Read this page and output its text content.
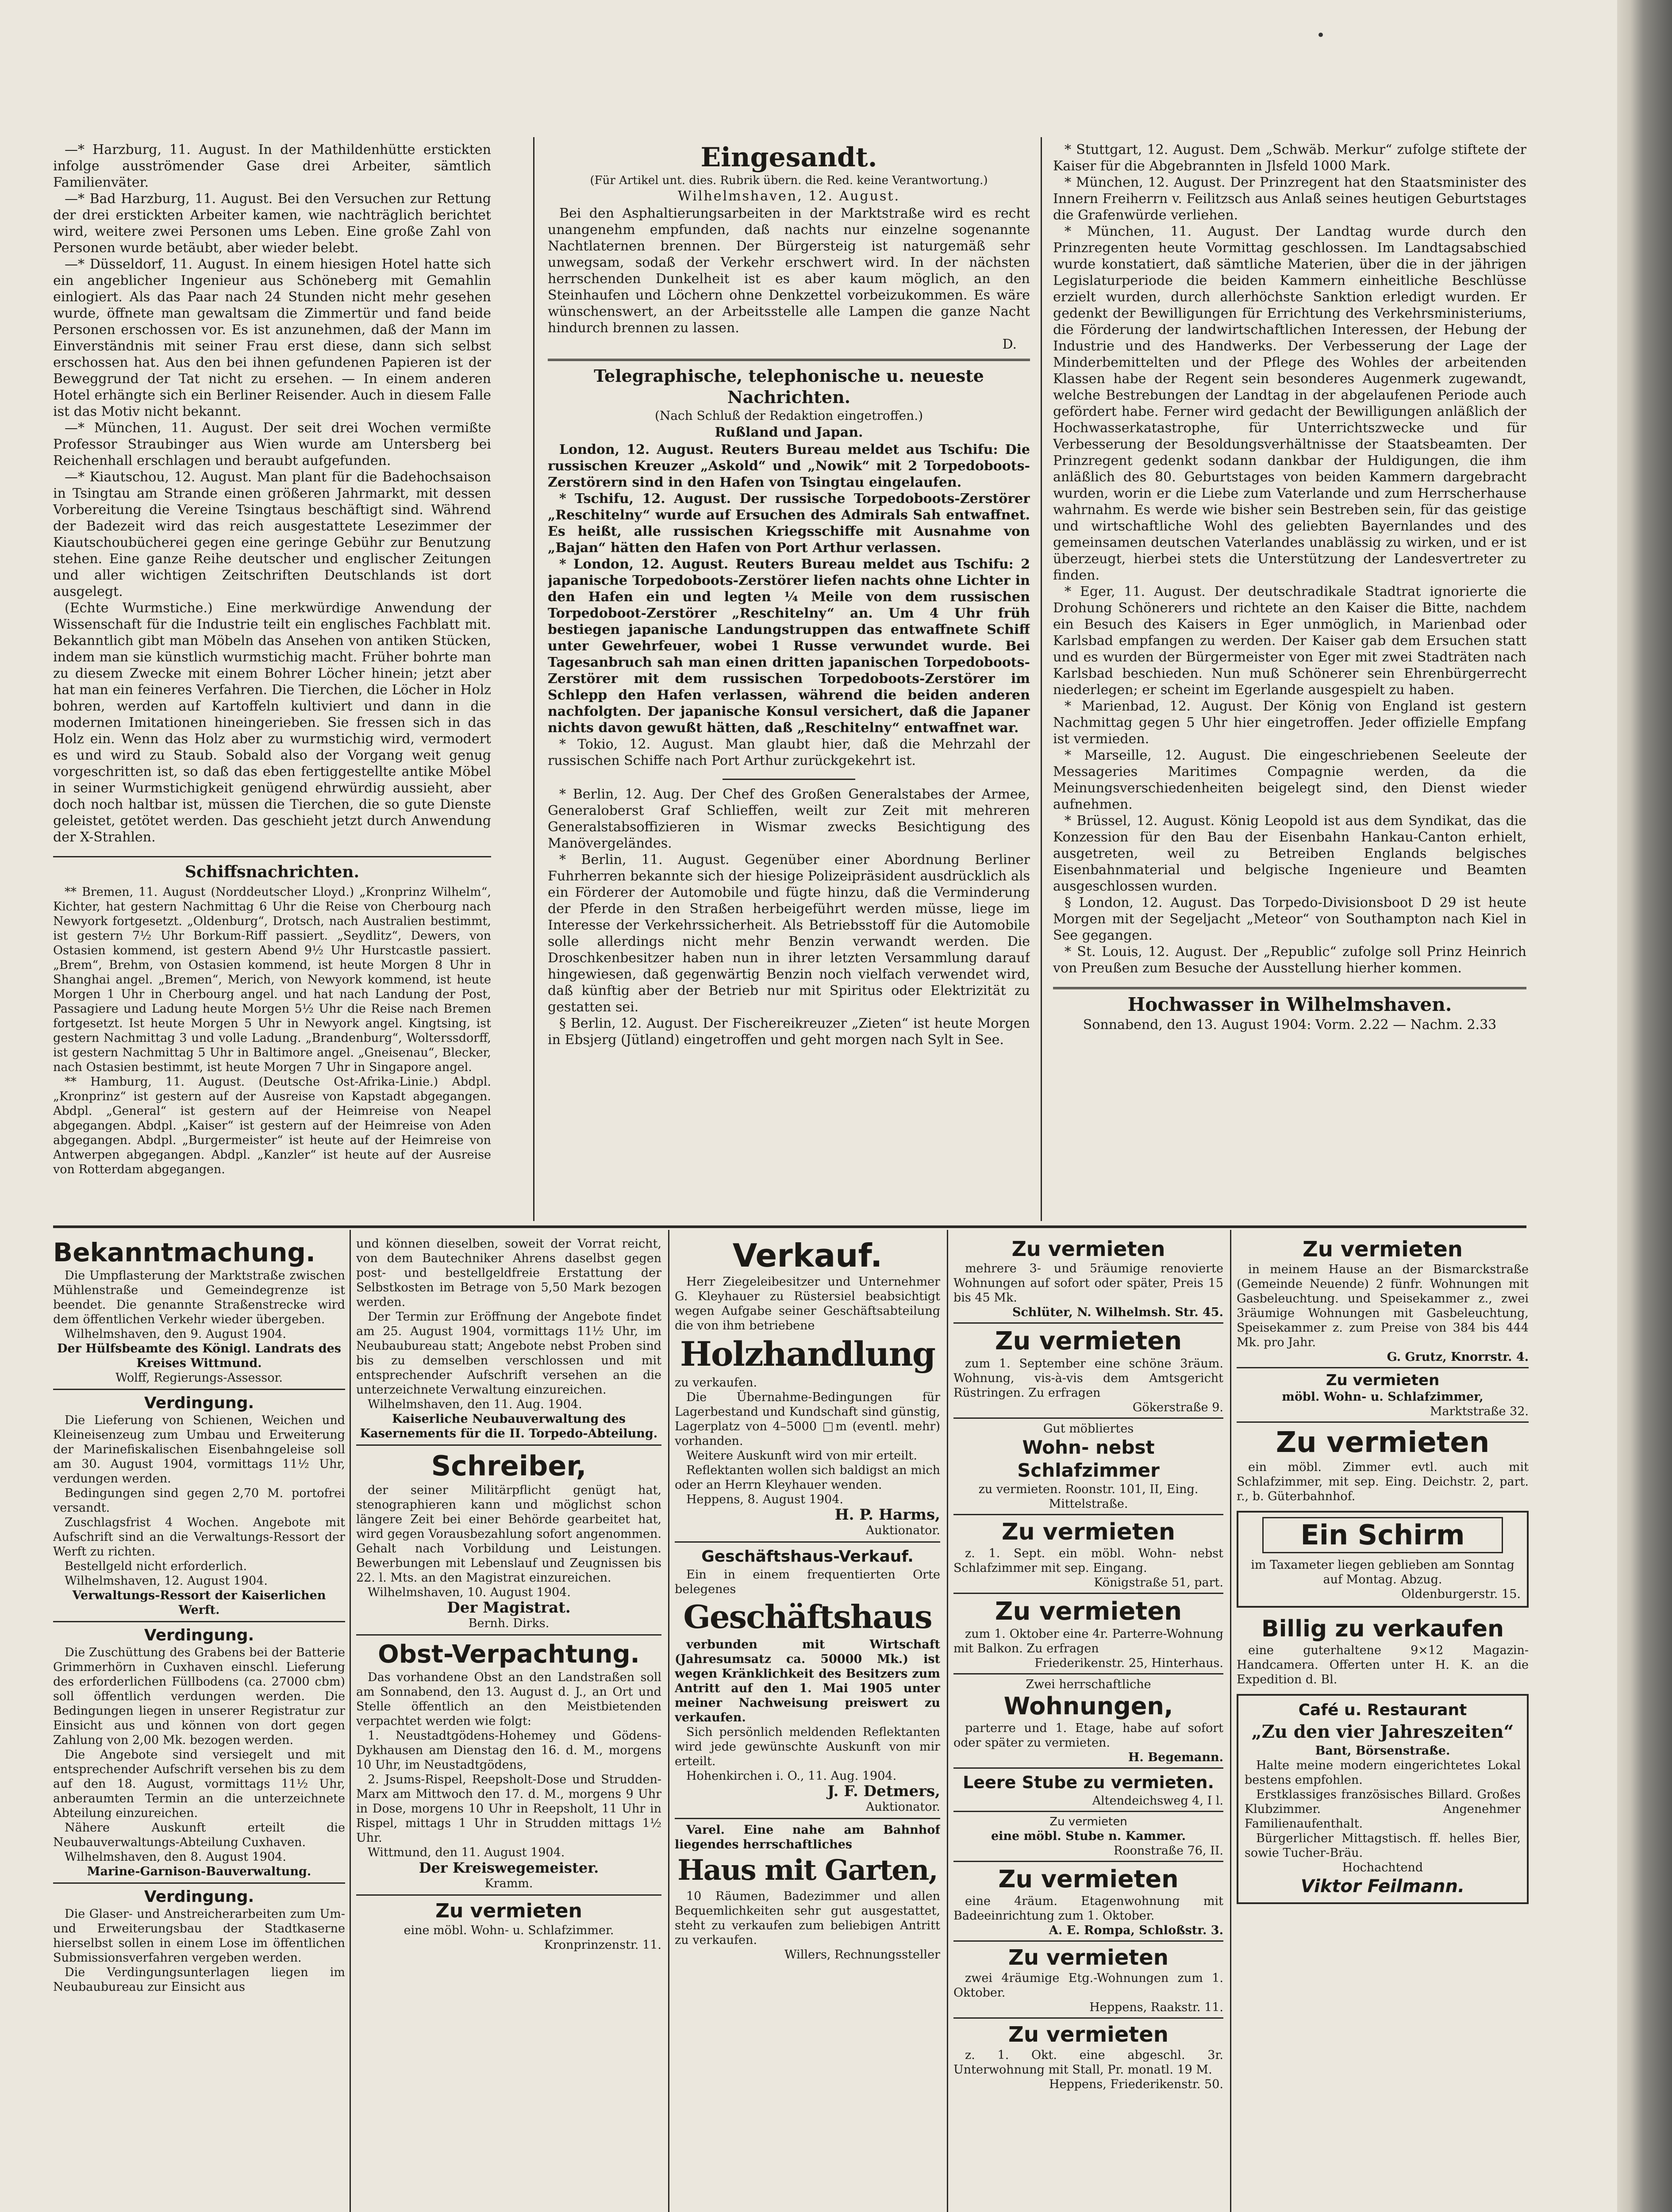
•

—* Harzburg, 11. August. In der Mathildenhütte erstickten infolge ausströmender Gase drei Arbeiter, sämtlich Familienväter.

—* Bad Harzburg, 11. August. Bei den Versuchen zur Rettung der drei erstickten Arbeiter kamen, wie nachträglich berichtet wird, weitere zwei Personen ums Leben. Eine große Zahl von Personen wurde betäubt, aber wieder belebt.

—* Düsseldorf, 11. August. In einem hiesigen Hotel hatte sich ein angeblicher Ingenieur aus Schöneberg mit Gemahlin einlogiert. Als das Paar nach 24 Stunden nicht mehr gesehen wurde, öffnete man gewaltsam die Zimmertür und fand beide Personen erschossen vor. Es ist anzunehmen, daß der Mann im Einverständnis mit seiner Frau erst diese, dann sich selbst erschossen hat. Aus den bei ihnen gefundenen Papieren ist der Beweggrund der Tat nicht zu ersehen. — In einem anderen Hotel erhängte sich ein Berliner Reisender. Auch in diesem Falle ist das Motiv nicht bekannt.

—* München, 11. August. Der seit drei Wochen vermißte Professor Straubinger aus Wien wurde am Untersberg bei Reichenhall erschlagen und beraubt aufgefunden.

—* Kiautschou, 12. August. Man plant für die Badehochsaison in Tsingtau am Strande einen größeren Jahrmarkt, mit dessen Vorbereitung die Vereine Tsingtaus beschäftigt sind. Während der Badezeit wird das reich ausgestattete Lesezimmer der Kiautschoubücherei gegen eine geringe Gebühr zur Benutzung stehen. Eine ganze Reihe deutscher und englischer Zeitungen und aller wichtigen Zeitschriften Deutschlands ist dort ausgelegt.

(Echte Wurmstiche.) Eine merkwürdige Anwendung der Wissenschaft für die Industrie teilt ein englisches Fachblatt mit. Bekanntlich gibt man Möbeln das Ansehen von antiken Stücken, indem man sie künstlich wurmstichig macht. Früher bohrte man zu diesem Zwecke mit einem Bohrer Löcher hinein; jetzt aber hat man ein feineres Verfahren. Die Tierchen, die Löcher in Holz bohren, werden auf Kartoffeln kultiviert und dann in die modernen Imitationen hineingerieben. Sie fressen sich in das Holz ein. Wenn das Holz aber zu wurmstichig wird, vermodert es und wird zu Staub. Sobald also der Vorgang weit genug vorgeschritten ist, so daß das eben fertiggestellte antike Möbel in seiner Wurmstichigkeit genügend ehrwürdig aussieht, aber doch noch haltbar ist, müssen die Tierchen, die so gute Dienste geleistet, getötet werden. Das geschieht jetzt durch Anwendung der X-Strahlen.

Schiffsnachrichten.

** Bremen, 11. August (Norddeutscher Lloyd.) „Kronprinz Wilhelm“, Kichter, hat gestern Nachmittag 6 Uhr die Reise von Cherbourg nach Newyork fortgesetzt. „Oldenburg“, Drotsch, nach Australien bestimmt, ist gestern 7½ Uhr Borkum-Riff passiert. „Seydlitz“, Dewers, von Ostasien kommend, ist gestern Abend 9½ Uhr Hurstcastle passiert. „Brem“, Brehm, von Ostasien kommend, ist heute Morgen 8 Uhr in Shanghai angel. „Bremen“, Merich, von Newyork kommend, ist heute Morgen 1 Uhr in Cherbourg angel. und hat nach Landung der Post, Passagiere und Ladung heute Morgen 5½ Uhr die Reise nach Bremen fortgesetzt. Ist heute Morgen 5 Uhr in Newyork angel. Kingtsing, ist gestern Nachmittag 3 und volle Ladung. „Brandenburg“, Wolterssdorff, ist gestern Nachmittag 5 Uhr in Baltimore angel. „Gneisenau“, Blecker, nach Ostasien bestimmt, ist heute Morgen 7 Uhr in Singapore angel.

** Hamburg, 11. August. (Deutsche Ost-Afrika-Linie.) Abdpl. „Kronprinz“ ist gestern auf der Ausreise von Kapstadt abgegangen. Abdpl. „General“ ist gestern auf der Heimreise von Neapel abgegangen. Abdpl. „Kaiser“ ist gestern auf der Heimreise von Aden abgegangen. Abdpl. „Burgermeister“ ist heute auf der Heimreise von Antwerpen abgegangen. Abdpl. „Kanzler“ ist heute auf der Ausreise von Rotterdam abgegangen.

Eingesandt.

(Für Artikel unt. dies. Rubrik übern. die Red. keine Verantwortung.)

Wilhelmshaven, 12. August.

Bei den Asphaltierungsarbeiten in der Marktstraße wird es recht unangenehm empfunden, daß nachts nur einzelne sogenannte Nachtlaternen brennen. Der Bürgersteig ist naturgemäß sehr unwegsam, sodaß der Verkehr erschwert wird. In der nächsten herrschenden Dunkelheit ist es aber kaum möglich, an den Steinhaufen und Löchern ohne Denkzettel vorbeizukommen. Es wäre wünschenswert, an der Arbeitsstelle alle Lampen die ganze Nacht hindurch brennen zu lassen.

D.

Telegraphische, telephonische u. neueste Nachrichten.

(Nach Schluß der Redaktion eingetroffen.)

Rußland und Japan.

London, 12. August. Reuters Bureau meldet aus Tschifu: Die russischen Kreuzer „Askold“ und „Nowik“ mit 2 Torpedoboots-Zerstörern sind in den Hafen von Tsingtau eingelaufen.

* Tschifu, 12. August. Der russische Torpedoboots-Zerstörer „Reschitelny“ wurde auf Ersuchen des Admirals Sah entwaffnet. Es heißt, alle russischen Kriegsschiffe mit Ausnahme von „Bajan“ hätten den Hafen von Port Arthur verlassen.

* London, 12. August. Reuters Bureau meldet aus Tschifu: 2 japanische Torpedoboots-Zerstörer liefen nachts ohne Lichter in den Hafen ein und legten ¼ Meile von dem russischen Torpedoboot-Zerstörer „Reschitelny“ an. Um 4 Uhr früh bestiegen japanische Landungstruppen das entwaffnete Schiff unter Gewehrfeuer, wobei 1 Russe verwundet wurde. Bei Tagesanbruch sah man einen dritten japanischen Torpedoboots-Zerstörer mit dem russischen Torpedoboots-Zerstörer im Schlepp den Hafen verlassen, während die beiden anderen nachfolgten. Der japanische Konsul versichert, daß die Japaner nichts davon gewußt hätten, daß „Reschitelny“ entwaffnet war.

* Tokio, 12. August. Man glaubt hier, daß die Mehrzahl der russischen Schiffe nach Port Arthur zurückgekehrt ist.

* Berlin, 12. Aug. Der Chef des Großen Generalstabes der Armee, Generaloberst Graf Schlieffen, weilt zur Zeit mit mehreren Generalstabsoffizieren in Wismar zwecks Besichtigung des Manövergeländes.

* Berlin, 11. August. Gegenüber einer Abordnung Berliner Fuhrherren bekannte sich der hiesige Polizeipräsident ausdrücklich als ein Förderer der Automobile und fügte hinzu, daß die Verminderung der Pferde in den Straßen herbeigeführt werden müsse, liege im Interesse der Verkehrssicherheit. Als Betriebsstoff für die Automobile solle allerdings nicht mehr Benzin verwandt werden. Die Droschkenbesitzer haben nun in ihrer letzten Versammlung darauf hingewiesen, daß gegenwärtig Benzin noch vielfach verwendet wird, daß künftig aber der Betrieb nur mit Spiritus oder Elektrizität zu gestatten sei.

§ Berlin, 12. August. Der Fischereikreuzer „Zieten“ ist heute Morgen in Ebsjerg (Jütland) eingetroffen und geht morgen nach Sylt in See.

* Stuttgart, 12. August. Dem „Schwäb. Merkur“ zufolge stiftete der Kaiser für die Abgebrannten in Jlsfeld 1000 Mark.

* München, 12. August. Der Prinzregent hat den Staatsminister des Innern Freiherrn v. Feilitzsch aus Anlaß seines heutigen Geburtstages die Grafenwürde verliehen.

* München, 11. August. Der Landtag wurde durch den Prinzregenten heute Vormittag geschlossen. Im Landtagsabschied wurde konstatiert, daß sämtliche Materien, über die in der jährigen Legislaturperiode die beiden Kammern einheitliche Beschlüsse erzielt wurden, durch allerhöchste Sanktion erledigt wurden. Er gedenkt der Bewilligungen für Errichtung des Verkehrsministeriums, die Förderung der landwirtschaftlichen Interessen, der Hebung der Industrie und des Handwerks. Der Verbesserung der Lage der Minderbemittelten und der Pflege des Wohles der arbeitenden Klassen habe der Regent sein besonderes Augenmerk zugewandt, welche Bestrebungen der Landtag in der abgelaufenen Periode auch gefördert habe. Ferner wird gedacht der Bewilligungen anläßlich der Hochwasserkatastrophe, für Unterrichtszwecke und für Verbesserung der Besoldungsverhältnisse der Staatsbeamten. Der Prinzregent gedenkt sodann dankbar der Huldigungen, die ihm anläßlich des 80. Geburtstages von beiden Kammern dargebracht wurden, worin er die Liebe zum Vaterlande und zum Herrscherhause wahrnahm. Es werde wie bisher sein Bestreben sein, für das geistige und wirtschaftliche Wohl des geliebten Bayernlandes und des gemeinsamen deutschen Vaterlandes unablässig zu wirken, und er ist überzeugt, hierbei stets die Unterstützung der Landesvertreter zu finden.

* Eger, 11. August. Der deutschradikale Stadtrat ignorierte die Drohung Schönerers und richtete an den Kaiser die Bitte, nachdem ein Besuch des Kaisers in Eger unmöglich, in Marienbad oder Karlsbad empfangen zu werden. Der Kaiser gab dem Ersuchen statt und es wurden der Bürgermeister von Eger mit zwei Stadträten nach Karlsbad beschieden. Nun muß Schönerer sein Ehrenbürgerrecht niederlegen; er scheint im Egerlande ausgespielt zu haben.

* Marienbad, 12. August. Der König von England ist gestern Nachmittag gegen 5 Uhr hier eingetroffen. Jeder offizielle Empfang ist vermieden.

* Marseille, 12. August. Die eingeschriebenen Seeleute der Messageries Maritimes Compagnie werden, da die Meinungsverschiedenheiten beigelegt sind, den Dienst wieder aufnehmen.

* Brüssel, 12. August. König Leopold ist aus dem Syndikat, das die Konzession für den Bau der Eisenbahn Hankau-Canton erhielt, ausgetreten, weil zu Betreiben Englands belgisches Eisenbahnmaterial und belgische Ingenieure und Beamten ausgeschlossen wurden.

§ London, 12. August. Das Torpedo-Divisionsboot D 29 ist heute Morgen mit der Segeljacht „Meteor“ von Southampton nach Kiel in See gegangen.

* St. Louis, 12. August. Der „Republic“ zufolge soll Prinz Heinrich von Preußen zum Besuche der Ausstellung hierher kommen.

Hochwasser in Wilhelmshaven.

Sonnabend, den 13. August 1904: Vorm. 2.22 — Nachm. 2.33

Bekanntmachung.

Die Umpflasterung der Marktstraße zwischen Mühlenstraße und Gemeindegrenze ist beendet. Die genannte Straßenstrecke wird dem öffentlichen Verkehr wieder übergeben.

Wilhelmshaven, den 9. August 1904.

Der Hülfsbeamte des Königl. Landrats des Kreises Wittmund.

Wolff, Regierungs-Assessor.

Verdingung.

Die Lieferung von Schienen, Weichen und Kleineisenzeug zum Umbau und Erweiterung der Marinefiskalischen Eisenbahngeleise soll am 30. August 1904, vormittags 11½ Uhr, verdungen werden.

Bedingungen sind gegen 2,70 M. portofrei versandt.

Zuschlagsfrist 4 Wochen. Angebote mit Aufschrift sind an die Verwaltungs-Ressort der Werft zu richten.

Bestellgeld nicht erforderlich.

Wilhelmshaven, 12. August 1904.

Verwaltungs-Ressort der Kaiserlichen Werft.

Verdingung.

Die Zuschüttung des Grabens bei der Batterie Grimmerhörn in Cuxhaven einschl. Lieferung des erforderlichen Füllbodens (ca. 27000 cbm) soll öffentlich verdungen werden. Die Bedingungen liegen in unserer Registratur zur Einsicht aus und können von dort gegen Zahlung von 2,00 Mk. bezogen werden.

Die Angebote sind versiegelt und mit entsprechender Aufschrift versehen bis zu dem auf den 18. August, vormittags 11½ Uhr, anberaumten Termin an die unterzeichnete Abteilung einzureichen.

Nähere Auskunft erteilt die Neubauverwaltungs-Abteilung Cuxhaven.

Wilhelmshaven, den 8. August 1904.

Marine-Garnison-Bauverwaltung.

Verdingung.

Die Glaser- und Anstreicherarbeiten zum Um- und Erweiterungsbau der Stadtkaserne hierselbst sollen in einem Lose im öffentlichen Submissionsverfahren vergeben werden.

Die Verdingungsunterlagen liegen im Neubaubureau zur Einsicht aus

und können dieselben, soweit der Vorrat reicht, von dem Bautechniker Ahrens daselbst gegen post- und bestellgeldfreie Erstattung der Selbstkosten im Betrage von 5,50 Mark bezogen werden.

Der Termin zur Eröffnung der Angebote findet am 25. August 1904, vormittags 11½ Uhr, im Neubaubureau statt; Angebote nebst Proben sind bis zu demselben verschlossen und mit entsprechender Aufschrift versehen an die unterzeichnete Verwaltung einzureichen.

Wilhelmshaven, den 11. Aug. 1904.

Kaiserliche Neubauverwaltung des Kasernements für die II. Torpedo-Abteilung.

Schreiber,

der seiner Militärpflicht genügt hat, stenographieren kann und möglichst schon längere Zeit bei einer Behörde gearbeitet hat, wird gegen Vorausbezahlung sofort angenommen. Gehalt nach Vorbildung und Leistungen. Bewerbungen mit Lebenslauf und Zeugnissen bis 22. l. Mts. an den Magistrat einzureichen.

Wilhelmshaven, 10. August 1904.

Der Magistrat.

Bernh. Dirks.

Obst-Verpachtung.

Das vorhandene Obst an den Landstraßen soll am Sonnabend, den 13. August d. J., an Ort und Stelle öffentlich an den Meistbietenden verpachtet werden wie folgt:

1. Neustadtgödens-Hohemey und Gödens-Dykhausen am Dienstag den 16. d. M., morgens 10 Uhr, im Neustadtgödens,

2. Jsums-Rispel, Reepsholt-Dose und Strudden-Marx am Mittwoch den 17. d. M., morgens 9 Uhr in Dose, morgens 10 Uhr in Reepsholt, 11 Uhr in Rispel, mittags 1 Uhr in Strudden mittags 1½ Uhr.

Wittmund, den 11. August 1904.

Der Kreiswegemeister.

Kramm.

Zu vermieten

eine möbl. Wohn- u. Schlafzimmer.

Kronprinzenstr. 11.

Verkauf.

Herr Ziegeleibesitzer und Unternehmer G. Kleyhauer zu Rüstersiel beabsichtigt wegen Aufgabe seiner Geschäftsabteilung die von ihm betriebene

Holzhandlung

zu verkaufen.

Die Übernahme-Bedingungen für Lagerbestand und Kundschaft sind günstig, Lagerplatz von 4–5000 □m (eventl. mehr) vorhanden.

Weitere Auskunft wird von mir erteilt.

Reflektanten wollen sich baldigst an mich oder an Herrn Kleyhauer wenden.

Heppens, 8. August 1904.

H. P. Harms,

Auktionator.

Geschäftshaus-Verkauf.

Ein in einem frequentierten Orte belegenes

Geschäftshaus

verbunden mit Wirtschaft (Jahresumsatz ca. 50000 Mk.) ist wegen Kränklichkeit des Besitzers zum Antritt auf den 1. Mai 1905 unter meiner Nachweisung preiswert zu verkaufen.

Sich persönlich meldenden Reflektanten wird jede gewünschte Auskunft von mir erteilt.

Hohenkirchen i. O., 11. Aug. 1904.

J. F. Detmers,

Auktionator.

Varel. Eine nahe am Bahnhof liegendes herrschaftliches

Haus mit Garten,

10 Räumen, Badezimmer und allen Bequemlichkeiten sehr gut ausgestattet, steht zu verkaufen zum beliebigen Antritt zu verkaufen.

Willers, Rechnungssteller

Zu vermieten

mehrere 3- und 5räumige renovierte Wohnungen auf sofort oder später, Preis 15 bis 45 Mk.

Schlüter, N. Wilhelmsh. Str. 45.

Zu vermieten

zum 1. September eine schöne 3räum. Wohnung, vis-à-vis dem Amtsgericht Rüstringen. Zu erfragen

Gökerstraße 9.

Gut möbliertes

Wohn- nebst Schlafzimmer

zu vermieten. Roonstr. 101, II, Eing. Mittelstraße.

Zu vermieten

z. 1. Sept. ein möbl. Wohn- nebst Schlafzimmer mit sep. Eingang.

Königstraße 51, part.

Zu vermieten

zum 1. Oktober eine 4r. Parterre-Wohnung mit Balkon. Zu erfragen

Friederikenstr. 25, Hinterhaus.

Zwei herrschaftliche

Wohnungen,

parterre und 1. Etage, habe auf sofort oder später zu vermieten.

H. Begemann.

Leere Stube zu vermieten.

Altendeichsweg 4, I l.

Zu vermieten

eine möbl. Stube n. Kammer.

Roonstraße 76, II.

Zu vermieten

eine 4räum. Etagenwohnung mit Badeeinrichtung zum 1. Oktober.

A. E. Rompa, Schloßstr. 3.

Zu vermieten

zwei 4räumige Etg.-Wohnungen zum 1. Oktober.

Heppens, Raakstr. 11.

Zu vermieten

z. 1. Okt. eine abgeschl. 3r. Unterwohnung mit Stall, Pr. monatl. 19 M.

Heppens, Friederikenstr. 50.

Zu vermieten

in meinem Hause an der Bismarckstraße (Gemeinde Neuende) 2 fünfr. Wohnungen mit Gasbeleuchtung. und Speisekammer z., zwei 3räumige Wohnungen mit Gasbeleuchtung, Speisekammer z. zum Preise von 384 bis 444 Mk. pro Jahr.

G. Grutz, Knorrstr. 4.

Zu vermieten

möbl. Wohn- u. Schlafzimmer,

Marktstraße 32.

Zu vermieten

ein möbl. Zimmer evtl. auch mit Schlafzimmer, mit sep. Eing. Deichstr. 2, part. r., b. Güterbahnhof.

Ein Schirm

im Taxameter liegen geblieben am Sonntag auf Montag. Abzug.

Oldenburgerstr. 15.

Billig zu verkaufen

eine guterhaltene 9×12 Magazin-Handcamera. Offerten unter H. K. an die Expedition d. Bl.

Café u. Restaurant

„Zu den vier Jahreszeiten“

Bant, Börsenstraße.

Halte meine modern eingerichtetes Lokal bestens empfohlen.

Erstklassiges französisches Billard. Großes Klubzimmer. Angenehmer Familienaufenthalt.

Bürgerlicher Mittagstisch. ff. helles Bier, sowie Tucher-Bräu.

Hochachtend

Viktor Feilmann.
